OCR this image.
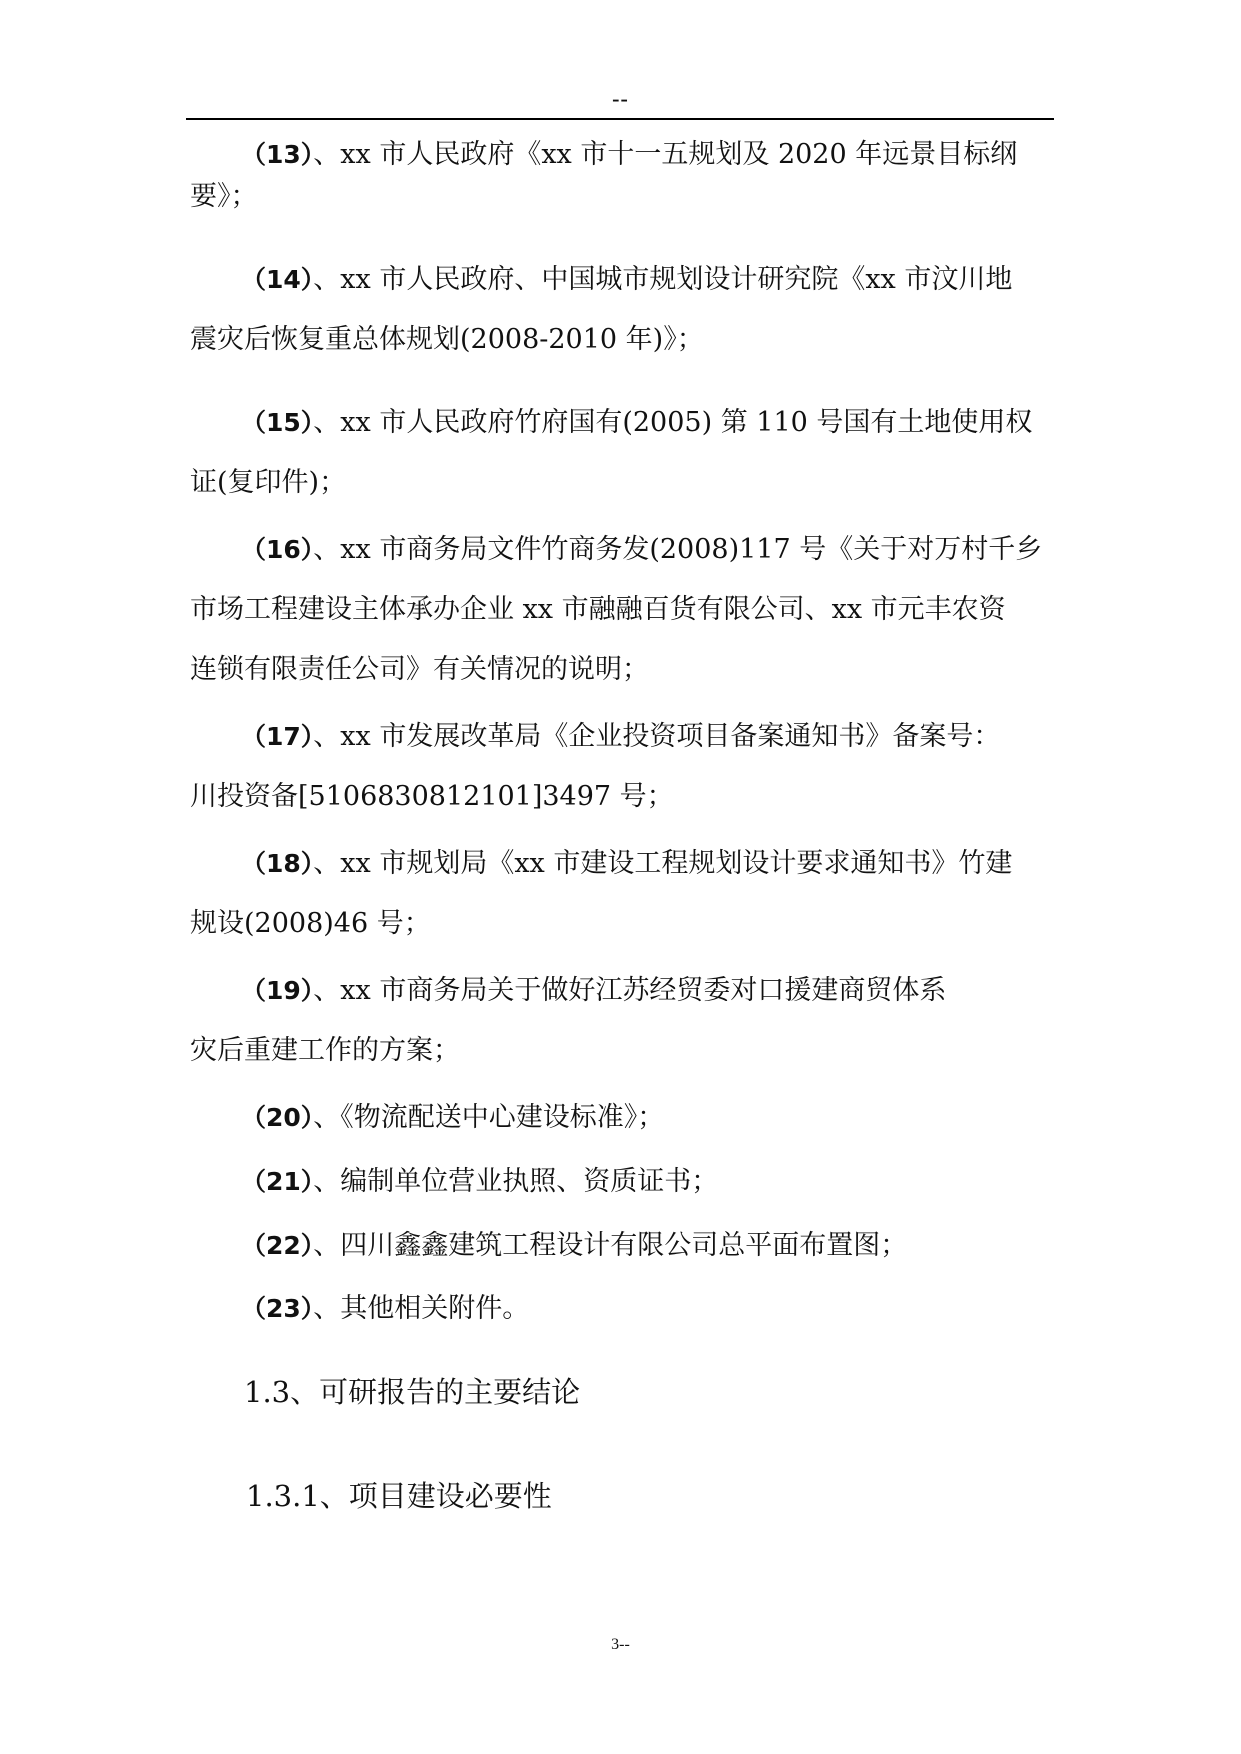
--
（13）、xx 市人民政府《xx 市十一五规划及 2020 年远景目标纲
要》；
（14）、xx 市人民政府、中国城市规划设计研究院《xx 市汶川地
震灾后恢复重总体规划(2008-2010 年)》；
（15）、xx 市人民政府竹府国有(2005) 第 110 号国有土地使用权
证(复印件)；
（16）、xx 市商务局文件竹商务发(2008)117 号《关于对万村千乡
市场工程建设主体承办企业 xx 市融融百货有限公司、xx 市元丰农资
连锁有限责任公司》有关情况的说明；
（17）、xx 市发展改革局《企业投资项目备案通知书》备案号：
川投资备[5106830812101]3497 号；
（18）、xx 市规划局《xx 市建设工程规划设计要求通知书》竹建
规设(2008)46 号；
（19）、xx 市商务局关于做好江苏经贸委对口援建商贸体系
灾后重建工作的方案；
（20）、《物流配送中心建设标准》；
（21）、编制单位营业执照、资质证书；
（22）、四川鑫鑫建筑工程设计有限公司总平面布置图；
（23）、其他相关附件。
1.3、可研报告的主要结论
1.3.1、项目建设必要性
3--
